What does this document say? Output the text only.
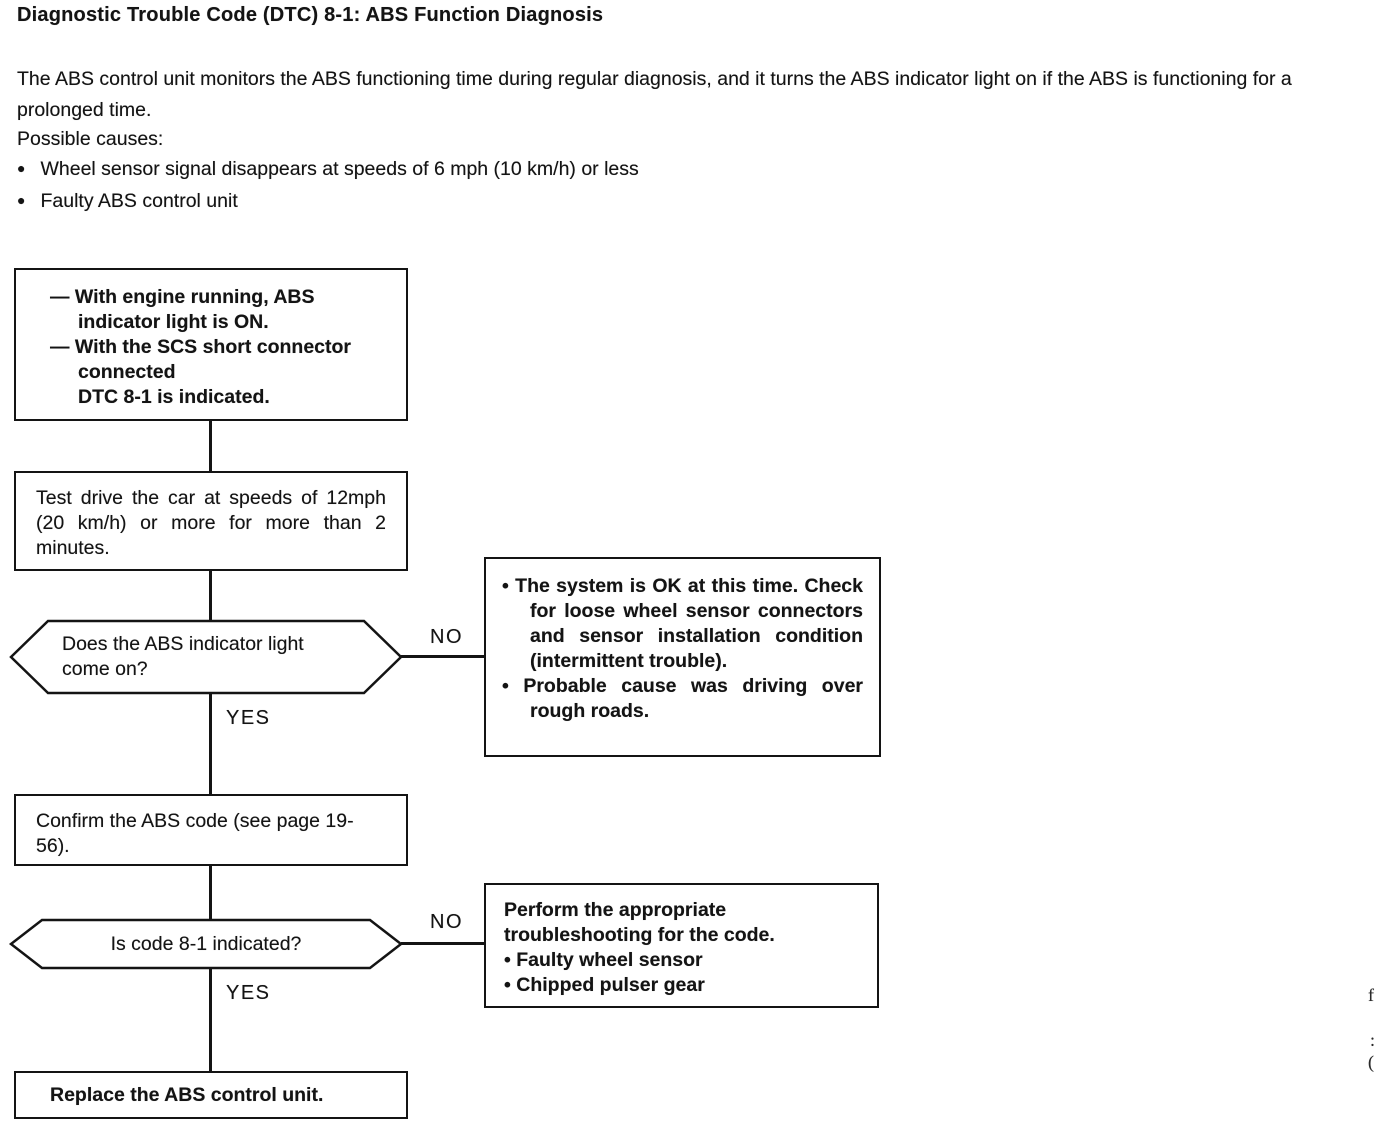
Diagnostic Trouble Code (DTC) 8-1: ABS Function Diagnosis
The ABS control unit monitors the ABS functioning time during regular diagnosis, and it turns the ABS indicator light on if the ABS is functioning for a prolonged time.
Possible causes:
● Wheel sensor signal disappears at speeds of 6 mph (10 km/h) or less
● Faulty ABS control unit
— With engine running, ABS indicator light is ON.
— With the SCS short connector connected
DTC 8-1 is indicated.
Test drive the car at speeds of 12mph (20 km/h) or more for more than 2 minutes.
Does the ABS indicator light come on?
NO
YES
• The system is OK at this time. Check for loose wheel sensor connectors and sensor installation condition (intermittent trouble).
• Probable cause was driving over rough roads.
Confirm the ABS code (see page 19-56).
Is code 8-1 indicated?
NO
YES
Perform the appropriate troubleshooting for the code.
• Faulty wheel sensor
• Chipped pulser gear
Replace the ABS control unit.
f
:
(
